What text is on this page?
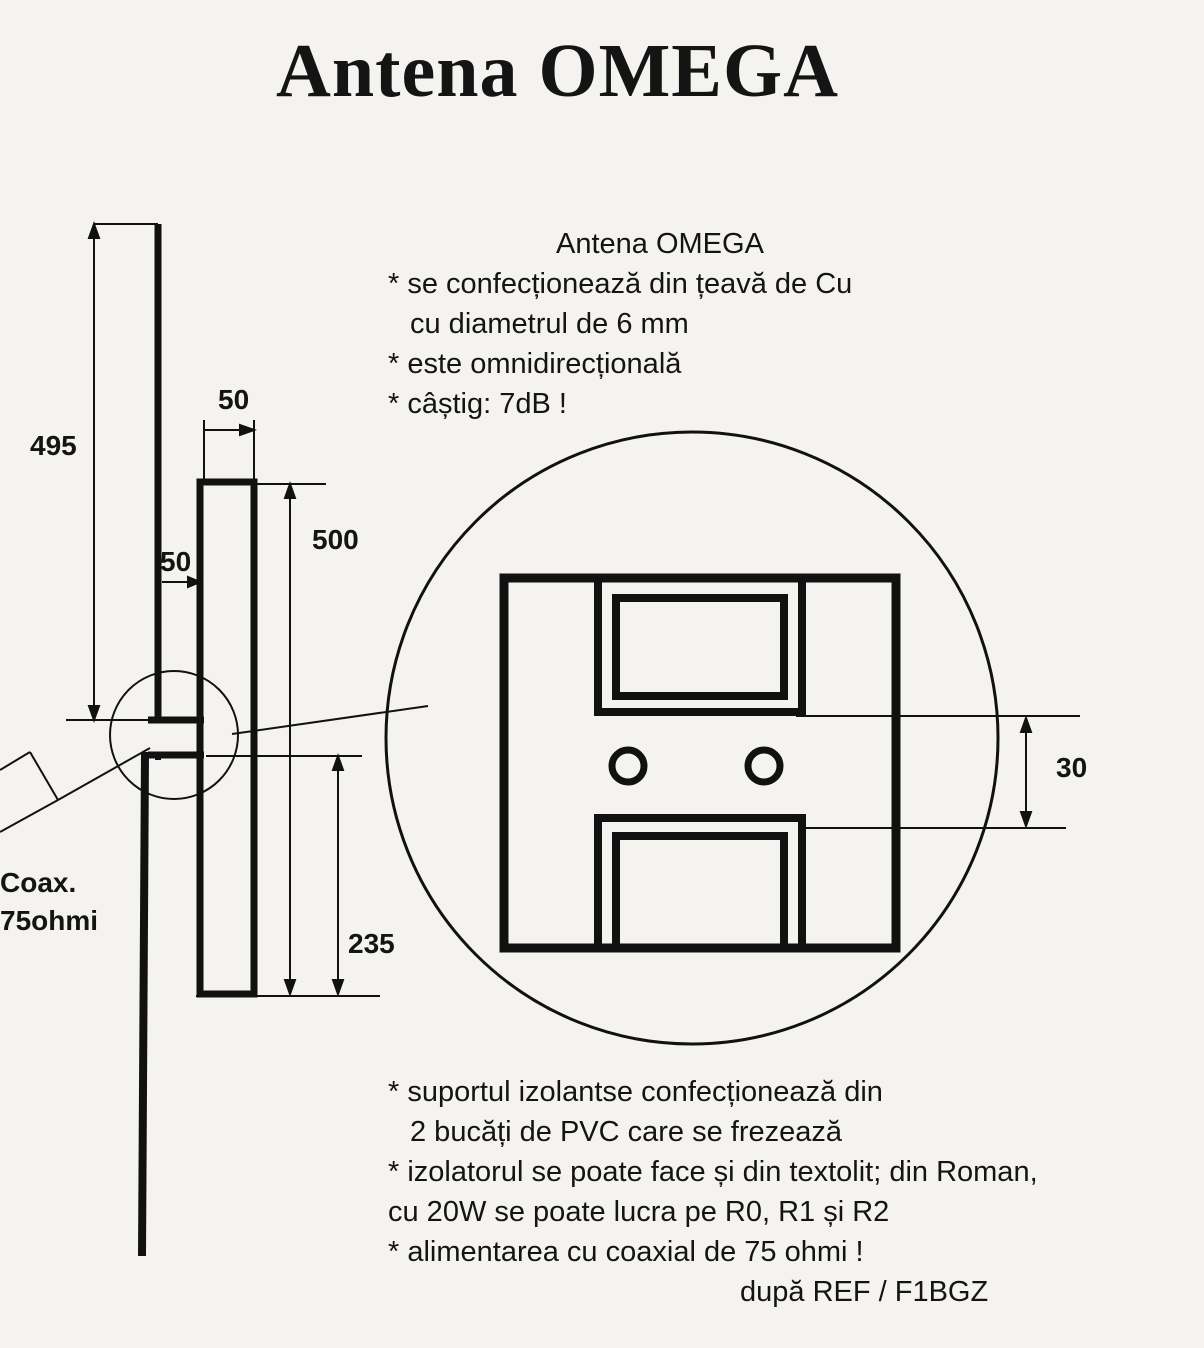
Antena OMEGA
495
50
50
500
235
30
Coax.
75ohmi
Antena OMEGA
* se confecționează din țeavă de Cu
cu diametrul de 6 mm
* este omnidirecțională
* câștig: 7dB !
* suportul izolantse confecționează din
2 bucăți de PVC care se frezează
* izolatorul se poate face și din textolit; din Roman,
cu 20W se poate lucra pe R0, R1 și R2
* alimentarea cu coaxial de 75 ohmi !
după REF / F1BGZ
